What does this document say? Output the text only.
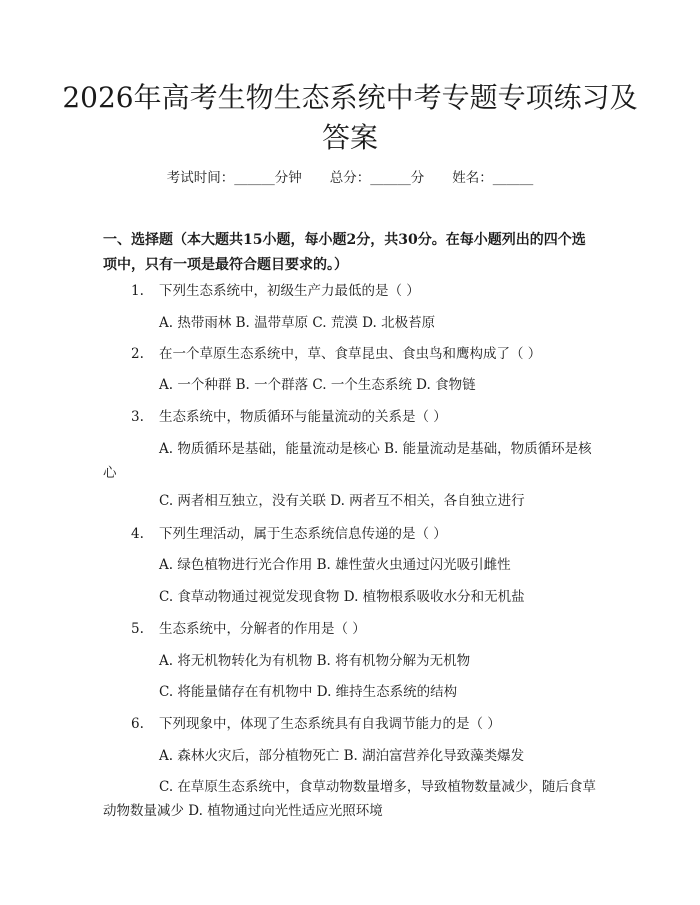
2026年高考生物生态系统中考专题专项练习及答案
考试时间：______分钟 总分：______分 姓名：______

一、选择题（本大题共15小题，每小题2分，共30分。在每小题列出的四个选项中，只有一项是最符合题目要求的。）

1. 下列生态系统中，初级生产力最低的是（ ）

A. 热带雨林 B. 温带草原 C. 荒漠 D. 北极苔原

2. 在一个草原生态系统中，草、食草昆虫、食虫鸟和鹰构成了（ ）

A. 一个种群 B. 一个群落 C. 一个生态系统 D. 食物链

3. 生态系统中，物质循环与能量流动的关系是（ ）

A. 物质循环是基础，能量流动是核心 B. 能量流动是基础，物质循环是核心

C. 两者相互独立，没有关联 D. 两者互不相关，各自独立进行

4. 下列生理活动，属于生态系统信息传递的是（ ）

A. 绿色植物进行光合作用 B. 雄性萤火虫通过闪光吸引雌性

C. 食草动物通过视觉发现食物 D. 植物根系吸收水分和无机盐

5. 生态系统中，分解者的作用是（ ）

A. 将无机物转化为有机物 B. 将有机物分解为无机物

C. 将能量储存在有机物中 D. 维持生态系统的结构

6. 下列现象中，体现了生态系统具有自我调节能力的是（ ）

A. 森林火灾后，部分植物死亡 B. 湖泊富营养化导致藻类爆发

C. 在草原生态系统中，食草动物数量增多，导致植物数量减少，随后食草动物数量减少 D. 植物通过向光性适应光照环境
